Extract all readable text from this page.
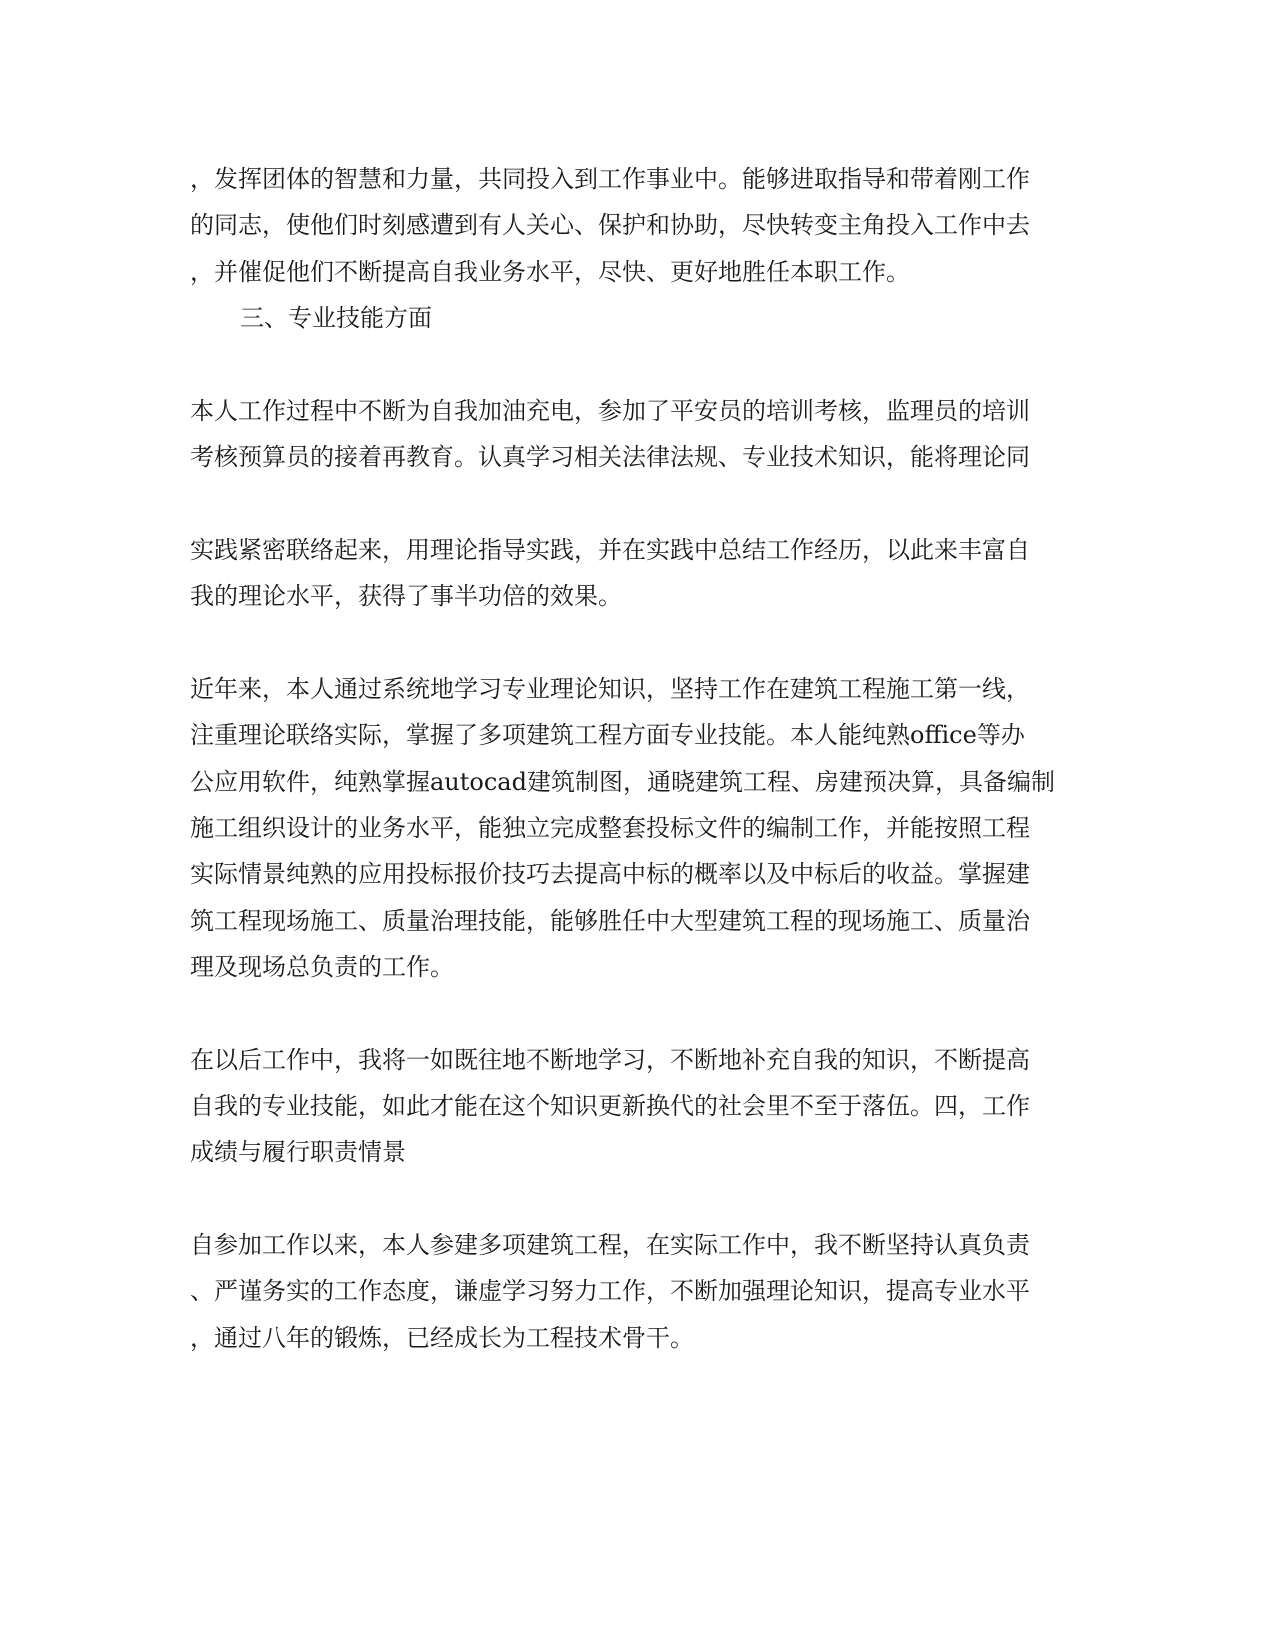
，发挥团体的智慧和力量，共同投入到工作事业中。能够进取指导和带着刚工作
的同志，使他们时刻感遭到有人关心、保护和协助，尽快转变主角投入工作中去
，并催促他们不断提高自我业务水平，尽快、更好地胜任本职工作。
三、专业技能方面
本人工作过程中不断为自我加油充电，参加了平安员的培训考核，监理员的培训
考核预算员的接着再教育。认真学习相关法律法规、专业技术知识，能将理论同
实践紧密联络起来，用理论指导实践，并在实践中总结工作经历，以此来丰富自
我的理论水平，获得了事半功倍的效果。
近年来，本人通过系统地学习专业理论知识，坚持工作在建筑工程施工第一线，
注重理论联络实际，掌握了多项建筑工程方面专业技能。本人能纯熟office等办
公应用软件，纯熟掌握autocad建筑制图，通晓建筑工程、房建预决算，具备编制
施工组织设计的业务水平，能独立完成整套投标文件的编制工作，并能按照工程
实际情景纯熟的应用投标报价技巧去提高中标的概率以及中标后的收益。掌握建
筑工程现场施工、质量治理技能，能够胜任中大型建筑工程的现场施工、质量治
理及现场总负责的工作。
在以后工作中，我将一如既往地不断地学习，不断地补充自我的知识，不断提高
自我的专业技能，如此才能在这个知识更新换代的社会里不至于落伍。四，工作
成绩与履行职责情景
自参加工作以来，本人参建多项建筑工程，在实际工作中，我不断坚持认真负责
、严谨务实的工作态度，谦虚学习努力工作，不断加强理论知识，提高专业水平
，通过八年的锻炼，已经成长为工程技术骨干。
